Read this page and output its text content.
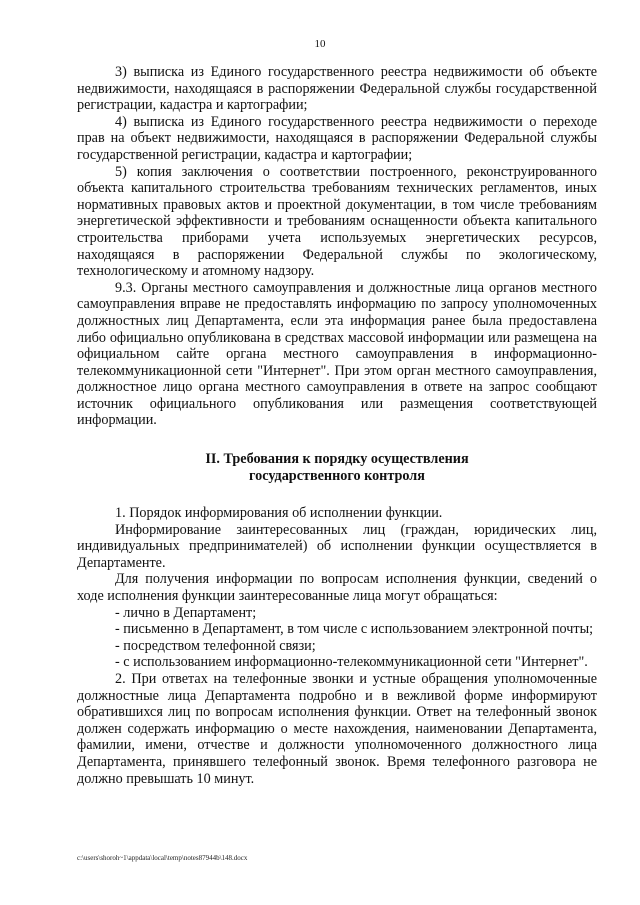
10

3) выписка из Единого государственного реестра недвижимости об объекте недвижимости, находящаяся в распоряжении Федеральной службы государственной регистрации, кадастра и картографии;

4) выписка из Единого государственного реестра недвижимости о переходе прав на объект недвижимости, находящаяся в распоряжении Федеральной службы государственной регистрации, кадастра и картографии;

5) копия заключения о соответствии построенного, реконструированного объекта капитального строительства требованиям технических регламентов, иных нормативных правовых актов и проектной документации, в том числе требованиям энергетической эффективности и требованиям оснащенности объекта капитального строительства приборами учета используемых энергетических ресурсов, находящаяся в распоряжении Федеральной службы по экологическому, технологическому и атомному надзору.

9.3. Органы местного самоуправления и должностные лица органов местного самоуправления вправе не предоставлять информацию по запросу уполномоченных должностных лиц Департамента, если эта информация ранее была предоставлена либо официально опубликована в средствах массовой информации или размещена на официальном сайте органа местного самоуправления в информационно-телекоммуникационной сети "Интернет". При этом орган местного самоуправления, должностное лицо органа местного самоуправления в ответе на запрос сообщают источник официального опубликования или размещения соответствующей информации.

II. Требования к порядку осуществления
государственного контроля

1. Порядок информирования об исполнении функции.

Информирование заинтересованных лиц (граждан, юридических лиц, индивидуальных предпринимателей) об исполнении функции осуществляется в Департаменте.

Для получения информации по вопросам исполнения функции, сведений о ходе исполнения функции заинтересованные лица могут обращаться:

- лично в Департамент;

- письменно в Департамент, в том числе с использованием электронной почты;

- посредством телефонной связи;

- с использованием информационно-телекоммуникационной сети "Интернет".

2. При ответах на телефонные звонки и устные обращения уполномоченные должностные лица Департамента подробно и в вежливой форме информируют обратившихся лиц по вопросам исполнения функции. Ответ на телефонный звонок должен содержать информацию о месте нахождения, наименовании Департамента, фамилии, имени, отчестве и должности уполномоченного должностного лица Департамента, принявшего телефонный звонок. Время телефонного разговора не должно превышать 10 минут.

c:\users\shoroh~1\appdata\local\temp\notes87944b\148.docx
